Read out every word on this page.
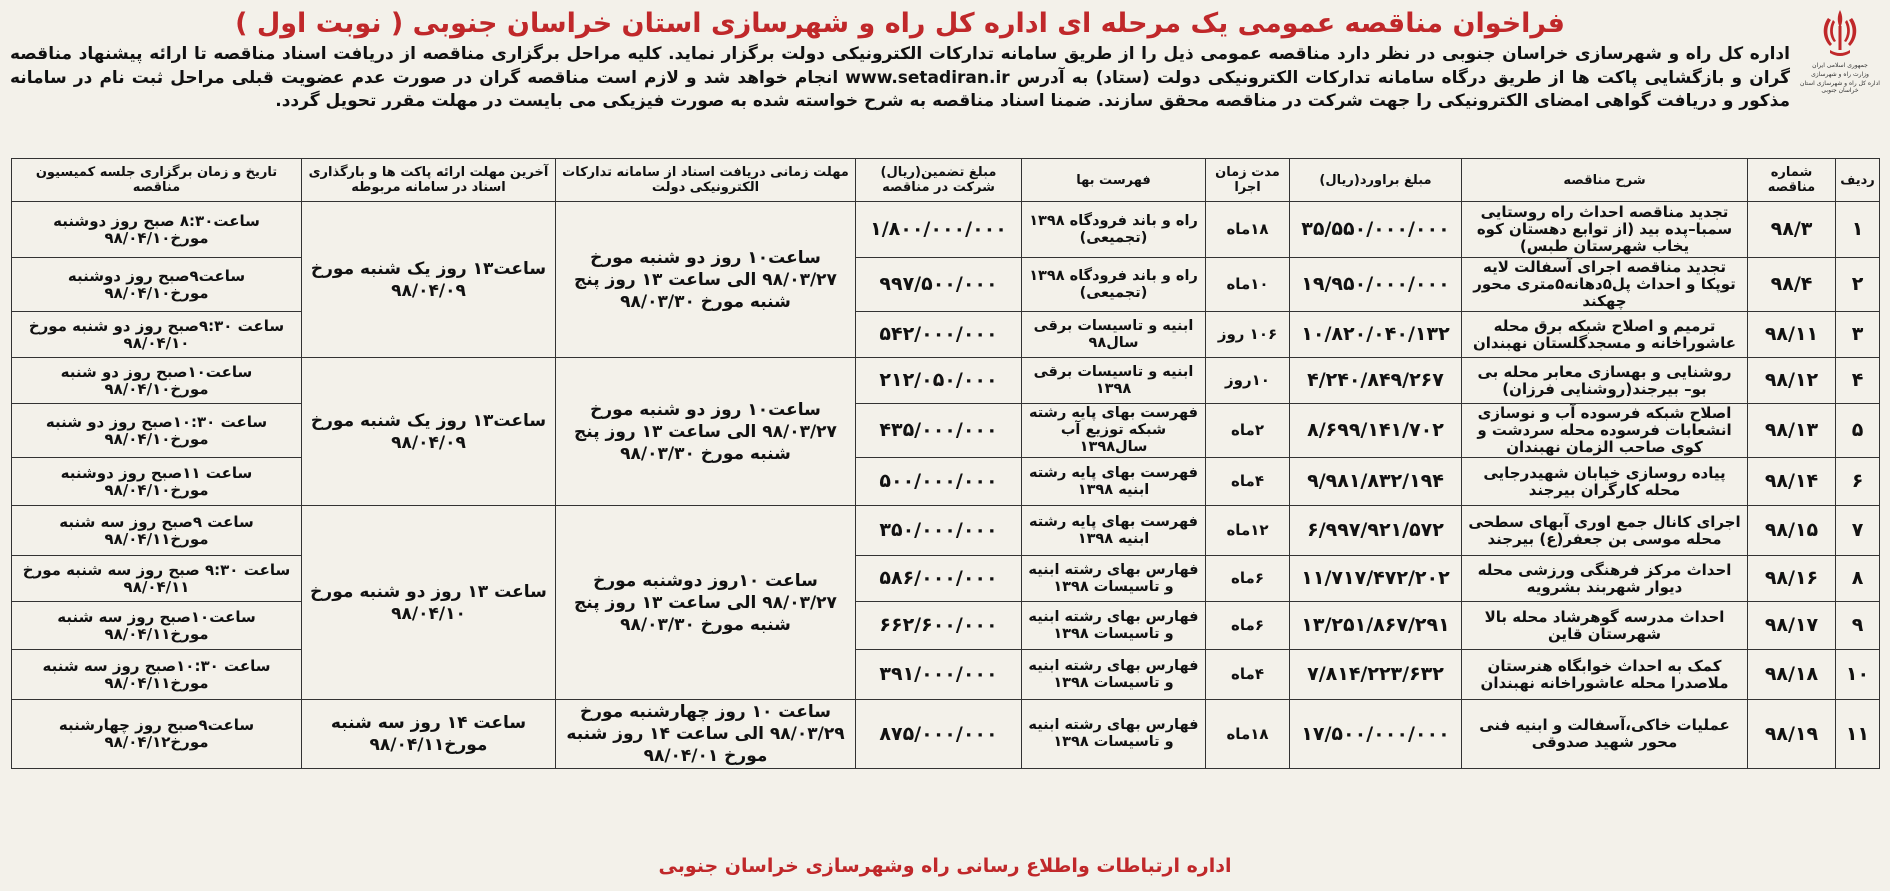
جمهوری اسلامی ایران
وزارت راه و شهرسازی
اداره کل راه و شهرسازی استان خراسان جنوبی
فراخوان مناقصه عمومی یک مرحله ای اداره کل راه و شهرسازی استان خراسان جنوبی ( نوبت اول )
اداره کل راه و شهرسازی خراسان جنوبی در نظر دارد مناقصه عمومی ذیل را از طریق سامانه تدارکات الکترونیکی دولت برگزار نماید. کلیه مراحل برگزاری مناقصه از دریافت اسناد مناقصه تا ارائه پیشنهاد مناقصه گران و بازگشایی پاکت ها از طریق درگاه سامانه تدارکات الکترونیکی دولت (ستاد) به آدرس www.setadiran.ir انجام خواهد شد و لازم است مناقصه گران در صورت عدم عضویت قبلی مراحل ثبت نام در سامانه مذکور و دریافت گواهی امضای الکترونیکی را جهت شرکت در مناقصه محقق سازند. ضمنا اسناد مناقصه به شرح خواسته شده به صورت فیزیکی می بایست در مهلت مقرر تحویل گردد.
ردیف	شماره مناقصه	شرح مناقصه	مبلغ براورد(ریال)	مدت زمان اجرا	فهرست بها	مبلغ تضمین(ریال) شرکت در مناقصه	مهلت زمانی دریافت اسناد از سامانه تدارکات الکترونیکی دولت	آخرین مهلت ارائه پاکت ها و بارگذاری اسناد در سامانه مربوطه	تاریخ و زمان برگزاری جلسه کمیسیون مناقصه
۱	۹۸/۳	تجدید مناقصه احداث راه روستایی سمبا–پده بید (از توابع دهستان کوه یخاب شهرستان طبس)	۳۵/۵۵۰/۰۰۰/۰۰۰	۱۸ماه	راه و باند فرودگاه ۱۳۹۸ (تجمیعی)	۱/۸۰۰/۰۰۰/۰۰۰	ساعت۱۰ روز دو شنبه مورخ ۹۸/۰۳/۲۷ الی ساعت ۱۳ روز پنج شنبه مورخ ۹۸/۰۳/۳۰	ساعت۱۳ روز یک شنبه مورخ ۹۸/۰۴/۰۹	ساعت۸:۳۰ صبح روز دوشنبه مورخ۹۸/۰۴/۱۰
۲	۹۸/۴	تجدید مناقصه اجرای آسفالت لایه توپکا و احداث پل۵دهانه۵متری محور چهکند	۱۹/۹۵۰/۰۰۰/۰۰۰	۱۰ماه	راه و باند فرودگاه ۱۳۹۸ (تجمیعی)	۹۹۷/۵۰۰/۰۰۰			ساعت۹صبح روز دوشنبه مورخ۹۸/۰۴/۱۰
۳	۹۸/۱۱	ترمیم و اصلاح شبکه برق محله عاشوراخانه و مسجدگلستان نهبندان	۱۰/۸۲۰/۰۴۰/۱۳۲	۱۰۶ روز	ابنیه و تاسیسات برقی سال۹۸	۵۴۲/۰۰۰/۰۰۰			ساعت ۹:۳۰صبح روز دو شنبه مورخ ۹۸/۰۴/۱۰
۴	۹۸/۱۲	روشنایی و بهسازی معابر محله بی بو– بیرجند(روشنایی فرزان)	۴/۲۴۰/۸۴۹/۲۶۷	۱۰روز	ابنیه و تاسیسات برقی ۱۳۹۸	۲۱۲/۰۵۰/۰۰۰	ساعت۱۰ روز دو شنبه مورخ ۹۸/۰۳/۲۷ الی ساعت ۱۳ روز پنج شنبه مورخ ۹۸/۰۳/۳۰	ساعت۱۳ روز یک شنبه مورخ ۹۸/۰۴/۰۹	ساعت۱۰صبح روز دو شنبه مورخ۹۸/۰۴/۱۰
۵	۹۸/۱۳	اصلاح شبکه فرسوده آب و نوسازی انشعابات فرسوده محله سردشت و کوی صاحب الزمان نهبندان	۸/۶۹۹/۱۴۱/۷۰۲	۲ماه	فهرست بهای پایه رشته شبکه توزیع آب سال۱۳۹۸	۴۳۵/۰۰۰/۰۰۰			ساعت ۱۰:۳۰صبح روز دو شنبه مورخ۹۸/۰۴/۱۰
۶	۹۸/۱۴	پیاده روسازی خیابان شهیدرجایی محله کارگران بیرجند	۹/۹۸۱/۸۳۲/۱۹۴	۴ماه	فهرست بهای پایه رشته ابنیه ۱۳۹۸	۵۰۰/۰۰۰/۰۰۰			ساعت ۱۱صبح روز دوشنبه مورخ۹۸/۰۴/۱۰
۷	۹۸/۱۵	اجرای کانال جمع اوری آبهای سطحی محله موسی بن جعفر(ع) بیرجند	۶/۹۹۷/۹۲۱/۵۷۲	۱۲ماه	فهرست بهای پایه رشته ابنیه ۱۳۹۸	۳۵۰/۰۰۰/۰۰۰	ساعت ۱۰روز دوشنبه مورخ ۹۸/۰۳/۲۷ الی ساعت ۱۳ روز پنج شنبه مورخ ۹۸/۰۳/۳۰	ساعت ۱۳ روز دو شنبه مورخ ۹۸/۰۴/۱۰	ساعت ۹صبح روز سه شنبه مورخ۹۸/۰۴/۱۱
۸	۹۸/۱۶	احداث مرکز فرهنگی ورزشی محله دیوار شهربند بشرویه	۱۱/۷۱۷/۴۷۲/۲۰۲	۶ماه	فهارس بهای رشته ابنیه و تاسیسات ۱۳۹۸	۵۸۶/۰۰۰/۰۰۰			ساعت ۹:۳۰ صبح روز سه شنبه مورخ ۹۸/۰۴/۱۱
۹	۹۸/۱۷	احداث مدرسه گوهرشاد محله بالا شهرستان قاین	۱۳/۲۵۱/۸۶۷/۲۹۱	۶ماه	فهارس بهای رشته ابنیه و تاسیسات ۱۳۹۸	۶۶۲/۶۰۰/۰۰۰			ساعت۱۰صبح روز سه شنبه مورخ۹۸/۰۴/۱۱
۱۰	۹۸/۱۸	کمک به احداث خوابگاه هنرستان ملاصدرا محله عاشوراخانه نهبندان	۷/۸۱۴/۲۲۳/۶۳۲	۴ماه	فهارس بهای رشته ابنیه و تاسیسات ۱۳۹۸	۳۹۱/۰۰۰/۰۰۰			ساعت ۱۰:۳۰صبح روز سه شنبه مورخ۹۸/۰۴/۱۱
۱۱	۹۸/۱۹	عملیات خاکی،آسفالت و ابنیه فنی محور شهید صدوقی	۱۷/۵۰۰/۰۰۰/۰۰۰	۱۸ماه	فهارس بهای رشته ابنیه و تاسیسات ۱۳۹۸	۸۷۵/۰۰۰/۰۰۰	ساعت ۱۰ روز چهارشنبه مورخ ۹۸/۰۳/۲۹ الی ساعت ۱۴ روز شنبه مورخ ۹۸/۰۴/۰۱	ساعت ۱۴ روز سه شنبه مورخ۹۸/۰۴/۱۱	ساعت۹صبح روز چهارشنبه مورخ۹۸/۰۴/۱۲
اداره ارتباطات واطلاع رسانی راه وشهرسازی خراسان جنوبی
